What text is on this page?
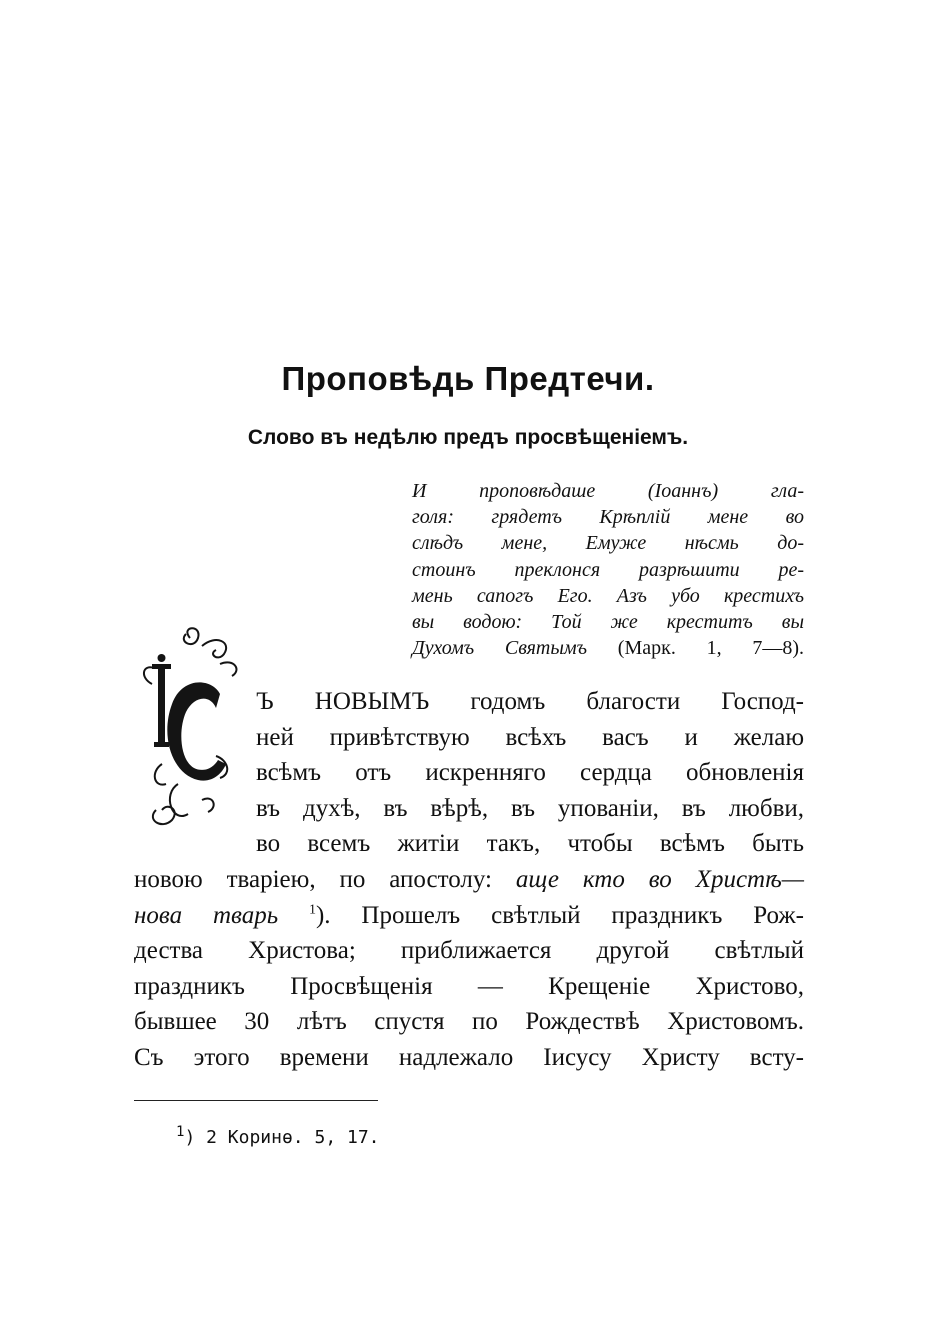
Проповѣдь Предтечи.
Слово въ недѣлю предъ просвѣщеніемъ.
И проповѣдаше (Іоаннъ) гла-
голя: грядетъ Крѣплій мене во
слѣдъ мене, Емуже нѣсмь до-
стоинъ преклонся разрѣшити ре-
мень сапогъ Его. Азъ убо крестихъ
вы водою: Той же креститъ вы
Духомъ Святымъ (Марк. 1, 7—8).
Ъ НОВЫМЪ годомъ благости Господ-
ней привѣтствую всѣхъ васъ и желаю
всѣмъ отъ искренняго сердца обновленія
въ духѣ, въ вѣрѣ, въ упованіи, въ любви,
во всемъ житіи такъ, чтобы всѣмъ быть
новою тваріею, по апостолу: аще кто во Христѣ—
нова тварь $^1$). Прошелъ свѣтлый праздникъ Рож-
дества Христова; приближается другой свѣтлый
праздникъ Просвѣщенія — Крещеніе Христово,
бывшее 30 лѣтъ спустя по Рождествѣ Христовомъ.
Съ этого времени надлежало Іисусу Христу всту-

$^1$) 2 Коринѳ. 5, 17.
